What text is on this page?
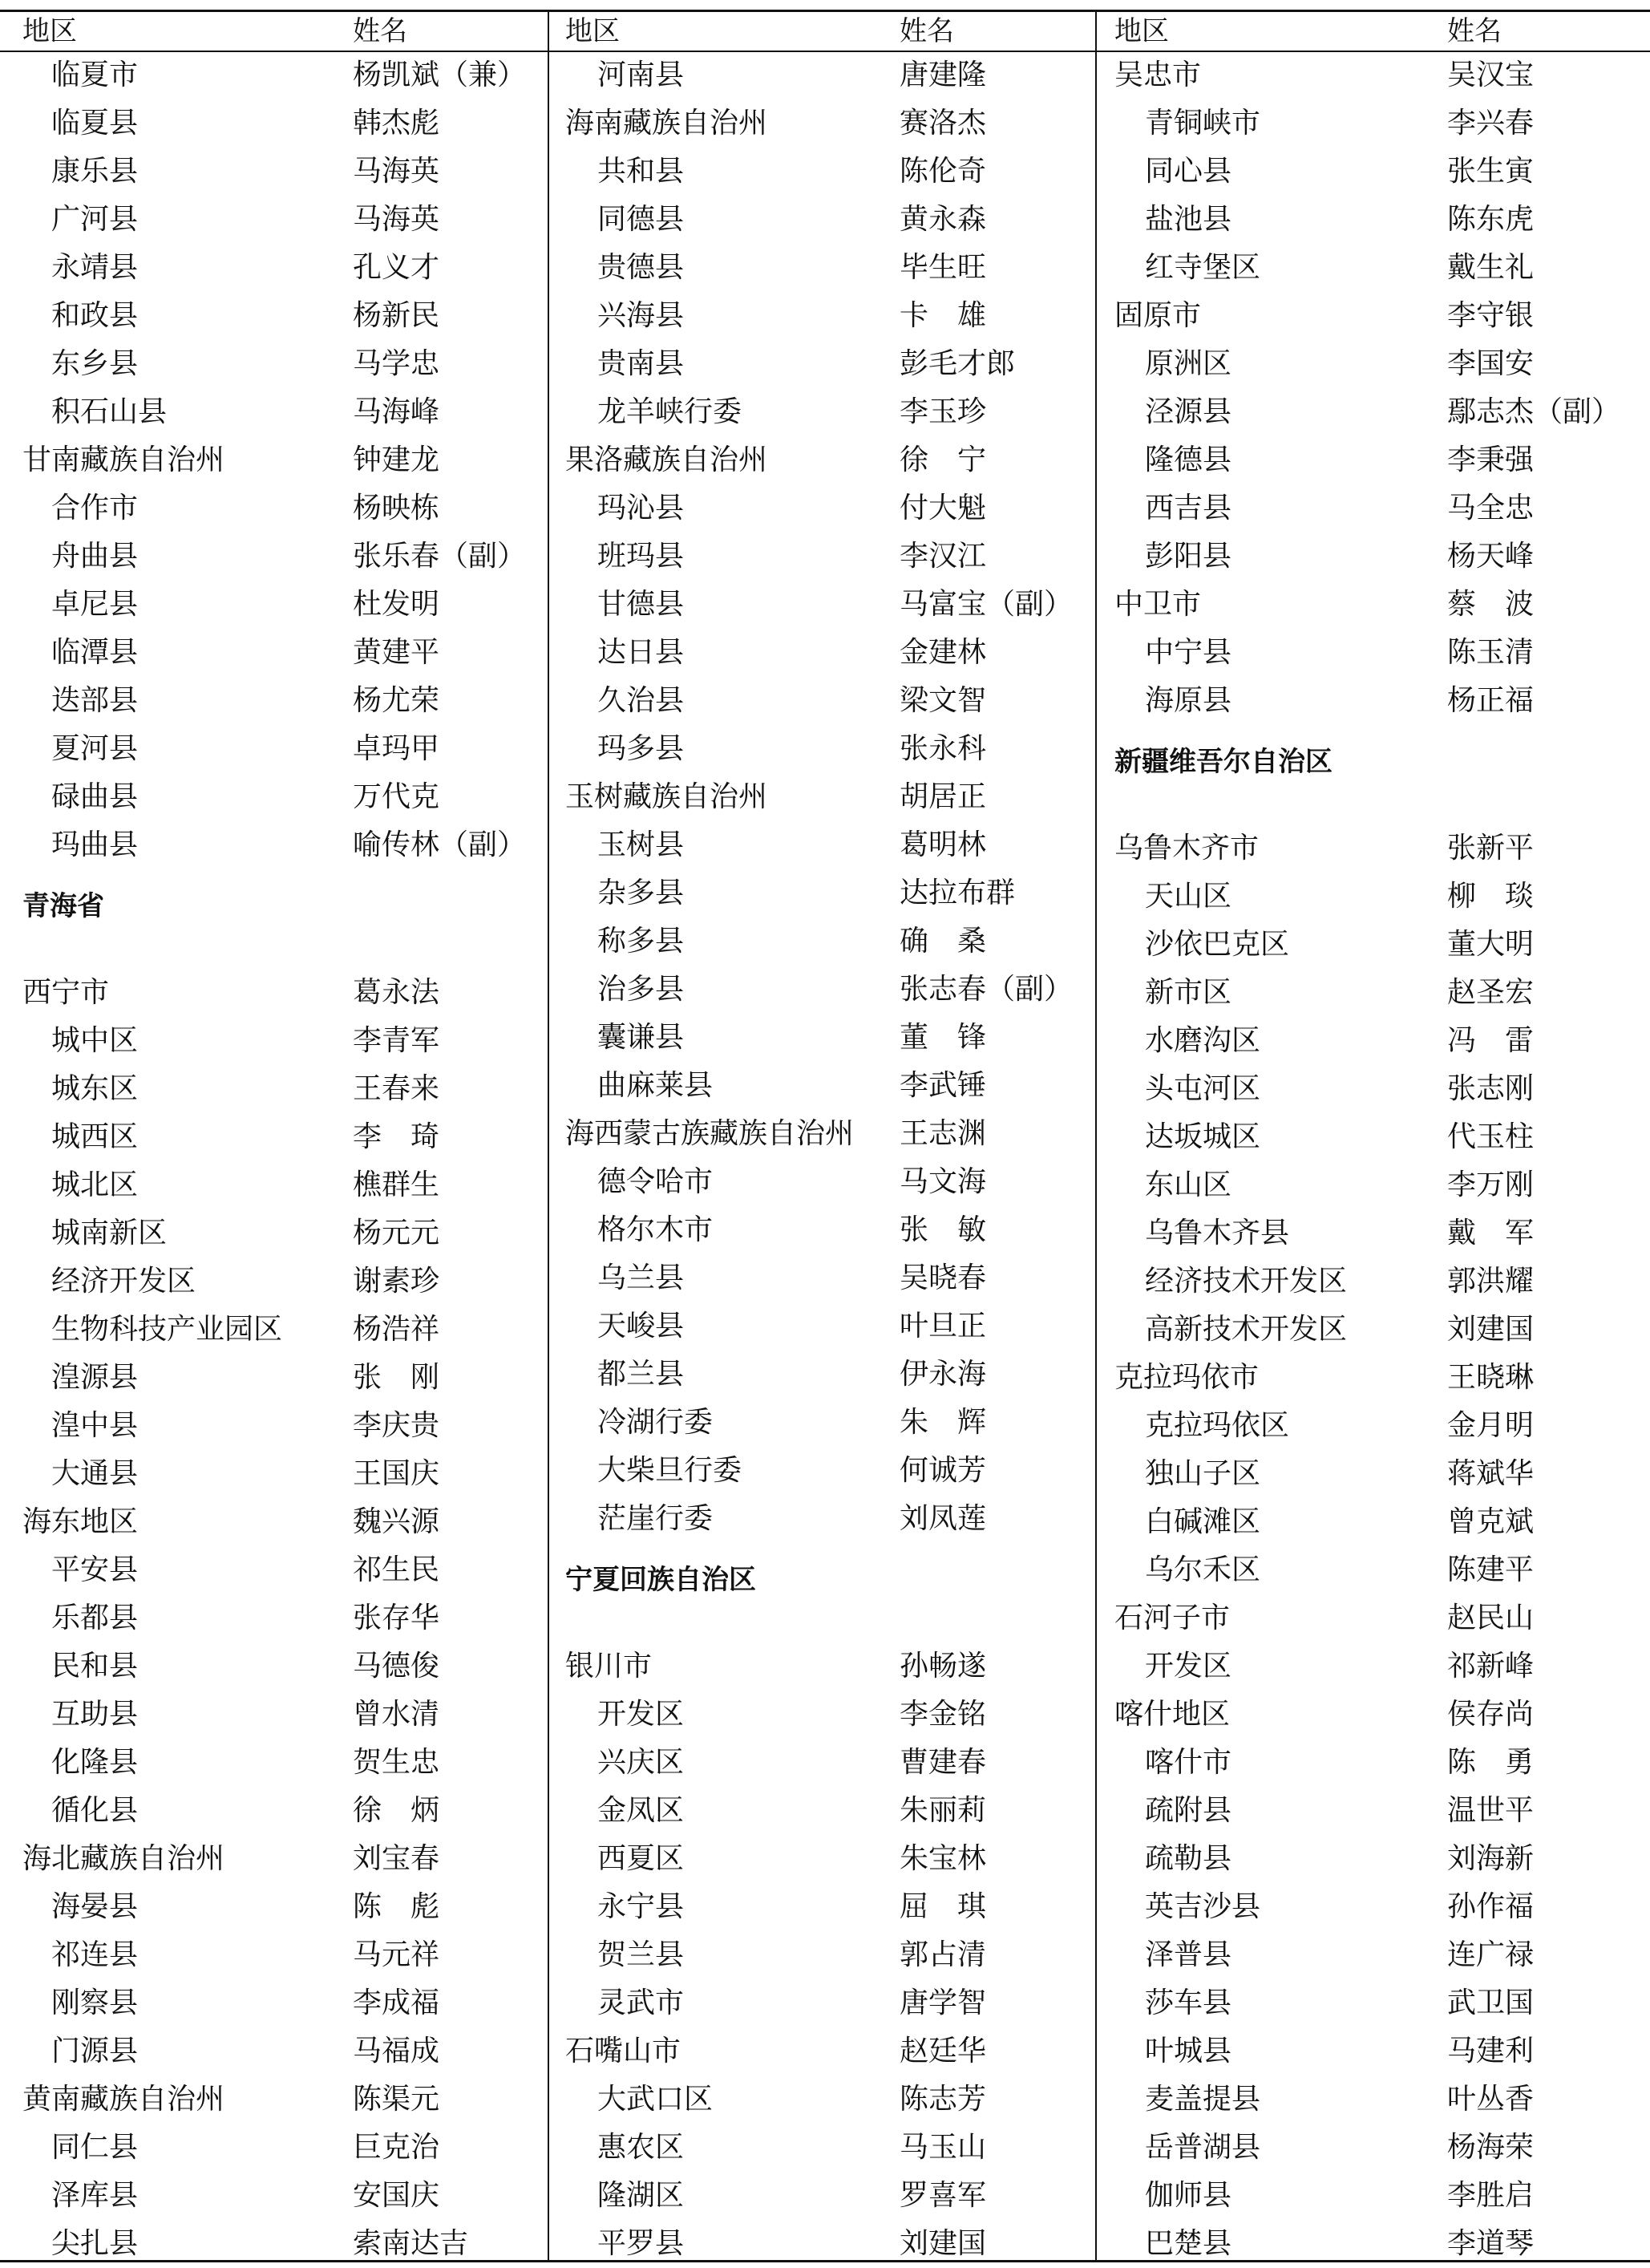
地区	姓名
临夏市	杨凯斌（兼）
临夏县	韩杰彪
康乐县	马海英
广河县	马海英
永靖县	孔义才
和政县	杨新民
东乡县	马学忠
积石山县	马海峰
甘南藏族自治州	钟建龙
合作市	杨映栋
舟曲县	张乐春（副）
卓尼县	杜发明
临潭县	黄建平
迭部县	杨尤荣
夏河县	卓玛甲
碌曲县	万代克
玛曲县	喻传林（副）
青海省
西宁市	葛永法
城中区	李青军
城东区	王春来
城西区	李　琦
城北区	樵群生
城南新区	杨元元
经济开发区	谢素珍
生物科技产业园区 杨浩祥
湟源县	张　刚
湟中县	李庆贵
大通县	王国庆
海东地区	魏兴源
平安县	祁生民
乐都县	张存华
民和县	马德俊
互助县	曾水清
化隆县	贺生忠
循化县	徐　炳
海北藏族自治州	刘宝春
海晏县	陈　彪
祁连县	马元祥
刚察县	李成福
门源县	马福成
黄南藏族自治州	陈渠元
同仁县	巨克治
泽库县	安国庆
尖扎县	索南达吉
地区	姓名
河南县	唐建隆
海南藏族自治州	赛洛杰
共和县	陈伦奇
同德县	黄永森
贵德县	毕生旺
兴海县	卡　雄
贵南县	彭毛才郎
龙羊峡行委	李玉珍
果洛藏族自治州	徐　宁
玛沁县	付大魁
班玛县	李汉江
甘德县	马富宝（副）
达日县	金建林
久治县	梁文智
玛多县	张永科
玉树藏族自治州	胡居正
玉树县	葛明林
杂多县	达拉布群
称多县	确　桑
治多县	张志春（副）
囊谦县	董　锋
曲麻莱县	李武锤
海西蒙古族藏族自治州 王志渊
德令哈市	马文海
格尔木市	张　敏
乌兰县	吴晓春
天峻县	叶旦正
都兰县	伊永海
冷湖行委	朱　辉
大柴旦行委	何诚芳
茫崖行委	刘凤莲
宁夏回族自治区
银川市	孙畅遂
开发区	李金铭
兴庆区	曹建春
金凤区	朱丽莉
西夏区	朱宝林
永宁县	屈　琪
贺兰县	郭占清
灵武市	唐学智
石嘴山市	赵廷华
大武口区	陈志芳
惠农区	马玉山
隆湖区	罗喜军
平罗县	刘建国
地区	姓名
吴忠市	吴汉宝
青铜峡市	李兴春
同心县	张生寅
盐池县	陈东虎
红寺堡区	戴生礼
固原市	李守银
原洲区	李国安
泾源县	鄢志杰（副）
隆德县	李秉强
西吉县	马全忠
彭阳县	杨天峰
中卫市	蔡　波
中宁县	陈玉清
海原县	杨正福
新疆维吾尔自治区
乌鲁木齐市	张新平
天山区	柳　琰
沙依巴克区	董大明
新市区	赵圣宏
水磨沟区	冯　雷
头屯河区	张志刚
达坂城区	代玉柱
东山区	李万刚
乌鲁木齐县	戴　军
经济技术开发区	郭洪耀
高新技术开发区	刘建国
克拉玛依市	王晓琳
克拉玛依区	金月明
独山子区	蒋斌华
白碱滩区	曾克斌
乌尔禾区	陈建平
石河子市	赵民山
开发区	祁新峰
喀什地区	侯存尚
喀什市	陈　勇
疏附县	温世平
疏勒县	刘海新
英吉沙县	孙作福
泽普县	连广禄
莎车县	武卫国
叶城县	马建利
麦盖提县	叶丛香
岳普湖县	杨海荣
伽师县	李胜启
巴楚县	李道琴
